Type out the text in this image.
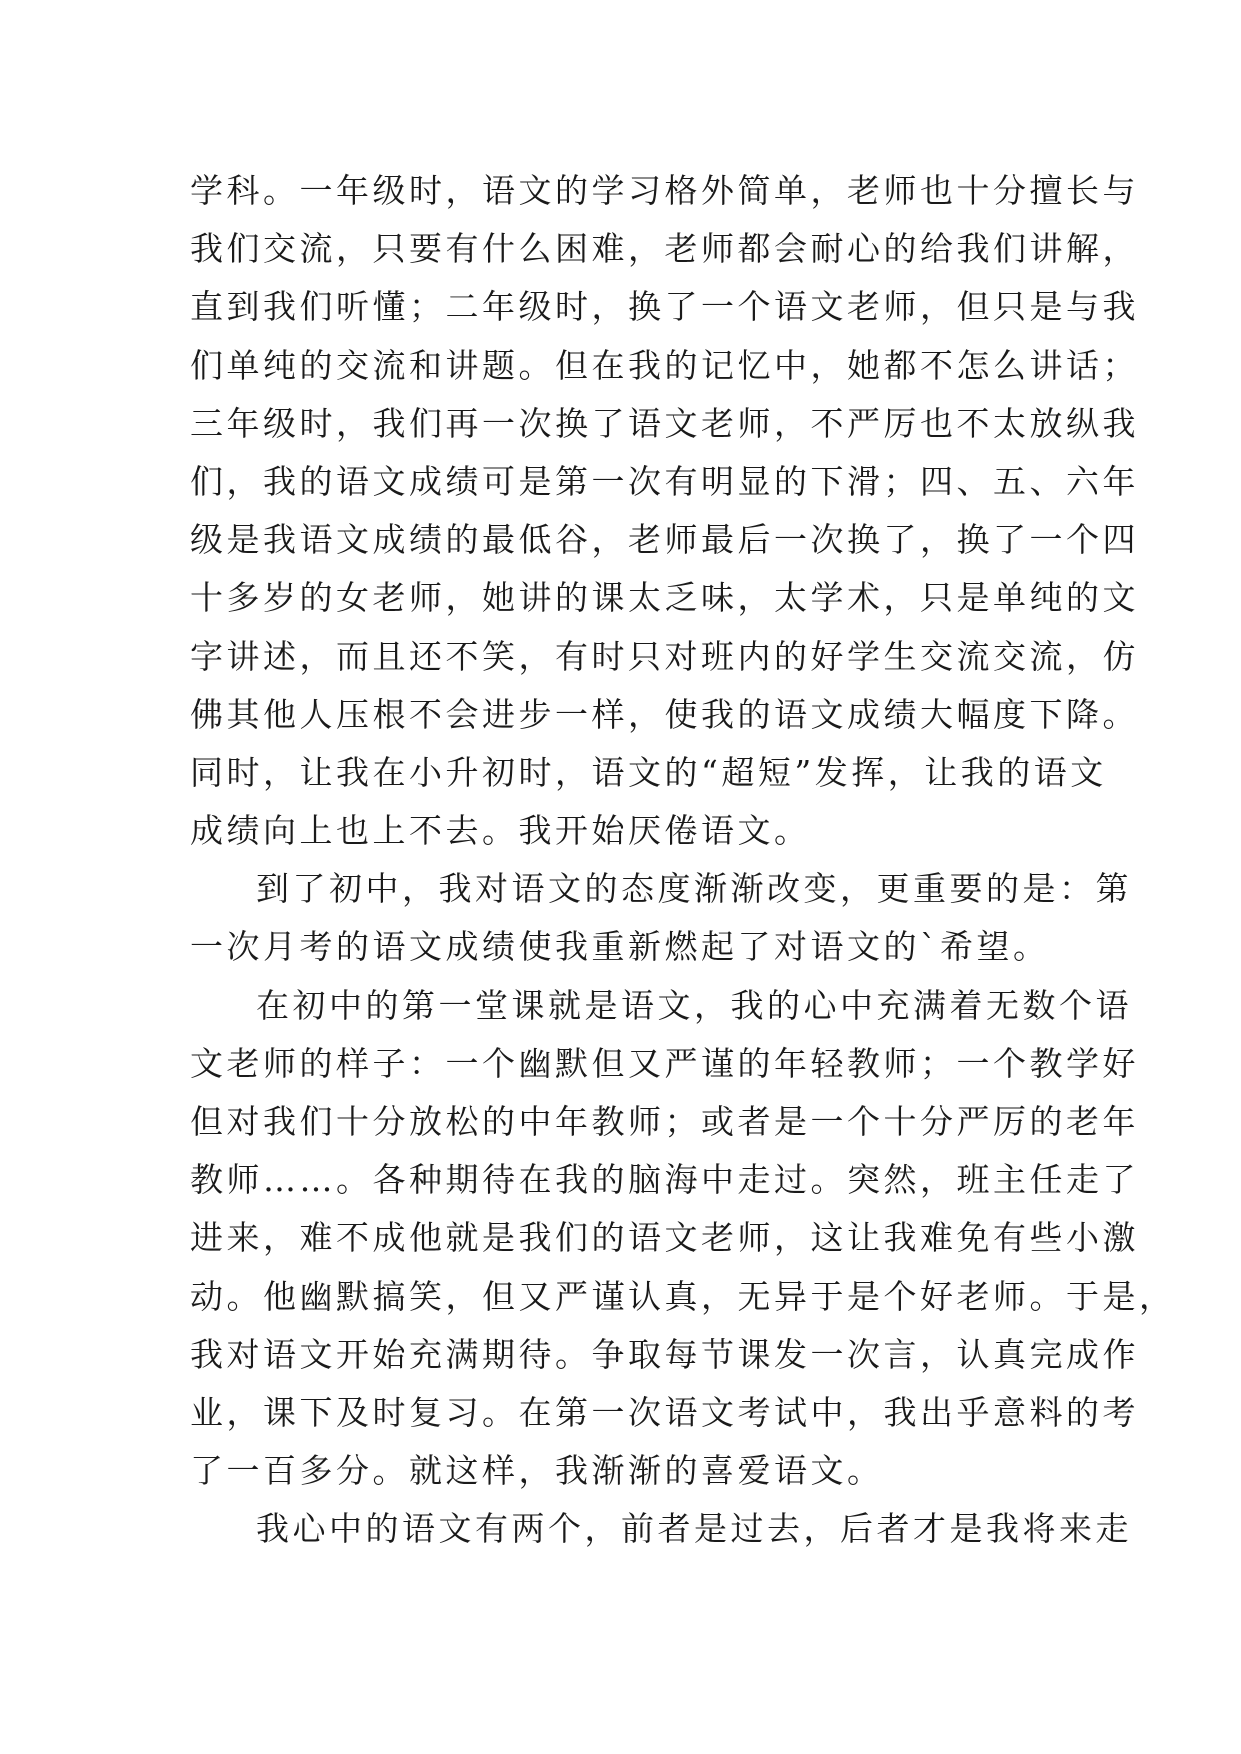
学科。一年级时，语文的学习格外简单，老师也十分擅长与
我们交流，只要有什么困难，老师都会耐心的给我们讲解，
直到我们听懂；二年级时，换了一个语文老师，但只是与我
们单纯的交流和讲题。但在我的记忆中，她都不怎么讲话；
三年级时，我们再一次换了语文老师，不严厉也不太放纵我
们，我的语文成绩可是第一次有明显的下滑；四、五、六年
级是我语文成绩的最低谷，老师最后一次换了，换了一个四
十多岁的女老师，她讲的课太乏味，太学术，只是单纯的文
字讲述，而且还不笑，有时只对班内的好学生交流交流，仿
佛其他人压根不会进步一样，使我的语文成绩大幅度下降。
同时，让我在小升初时，语文的“超短”发挥，让我的语文
成绩向上也上不去。我开始厌倦语文。
到了初中，我对语文的态度渐渐改变，更重要的是：第
一次月考的语文成绩使我重新燃起了对语文的`希望。
在初中的第一堂课就是语文，我的心中充满着无数个语
文老师的样子：一个幽默但又严谨的年轻教师；一个教学好
但对我们十分放松的中年教师；或者是一个十分严厉的老年
教师……。各种期待在我的脑海中走过。突然，班主任走了
进来，难不成他就是我们的语文老师，这让我难免有些小激
动。他幽默搞笑，但又严谨认真，无异于是个好老师。于是，
我对语文开始充满期待。争取每节课发一次言，认真完成作
业，课下及时复习。在第一次语文考试中，我出乎意料的考
了一百多分。就这样，我渐渐的喜爱语文。
我心中的语文有两个，前者是过去，后者才是我将来走
